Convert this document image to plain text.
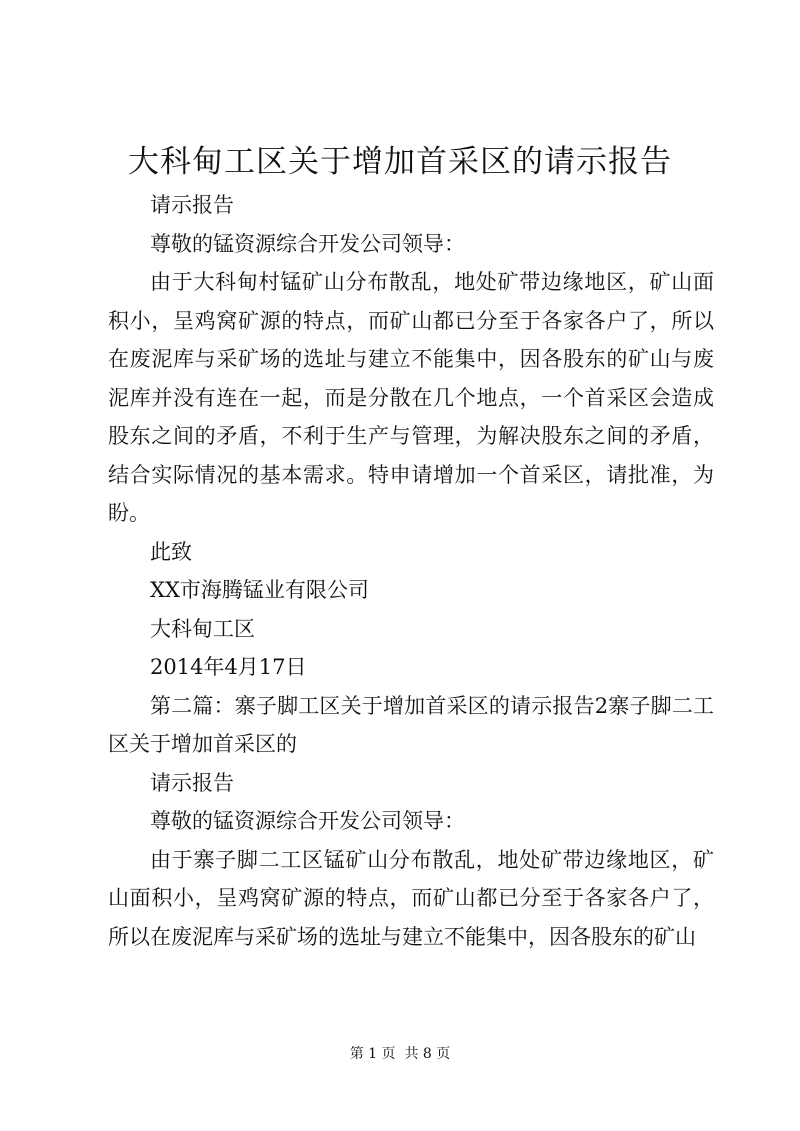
大科甸工区关于增加首采区的请示报告

请示报告

尊敬的锰资源综合开发公司领导：

由于大科甸村锰矿山分布散乱，地处矿带边缘地区，矿山面积小，呈鸡窝矿源的特点，而矿山都已分至于各家各户了，所以在废泥库与采矿场的选址与建立不能集中，因各股东的矿山与废泥库并没有连在一起，而是分散在几个地点，一个首采区会造成股东之间的矛盾，不利于生产与管理，为解决股东之间的矛盾，结合实际情况的基本需求。特申请增加一个首采区，请批准，为盼。

此致

XX市海腾锰业有限公司

大科甸工区

2014年4月17日

第二篇：寨子脚工区关于增加首采区的请示报告2寨子脚二工区关于增加首采区的

请示报告

尊敬的锰资源综合开发公司领导：

由于寨子脚二工区锰矿山分布散乱，地处矿带边缘地区，矿山面积小，呈鸡窝矿源的特点，而矿山都已分至于各家各户了，所以在废泥库与采矿场的选址与建立不能集中，因各股东的矿山

第 1 页  共 8 页
